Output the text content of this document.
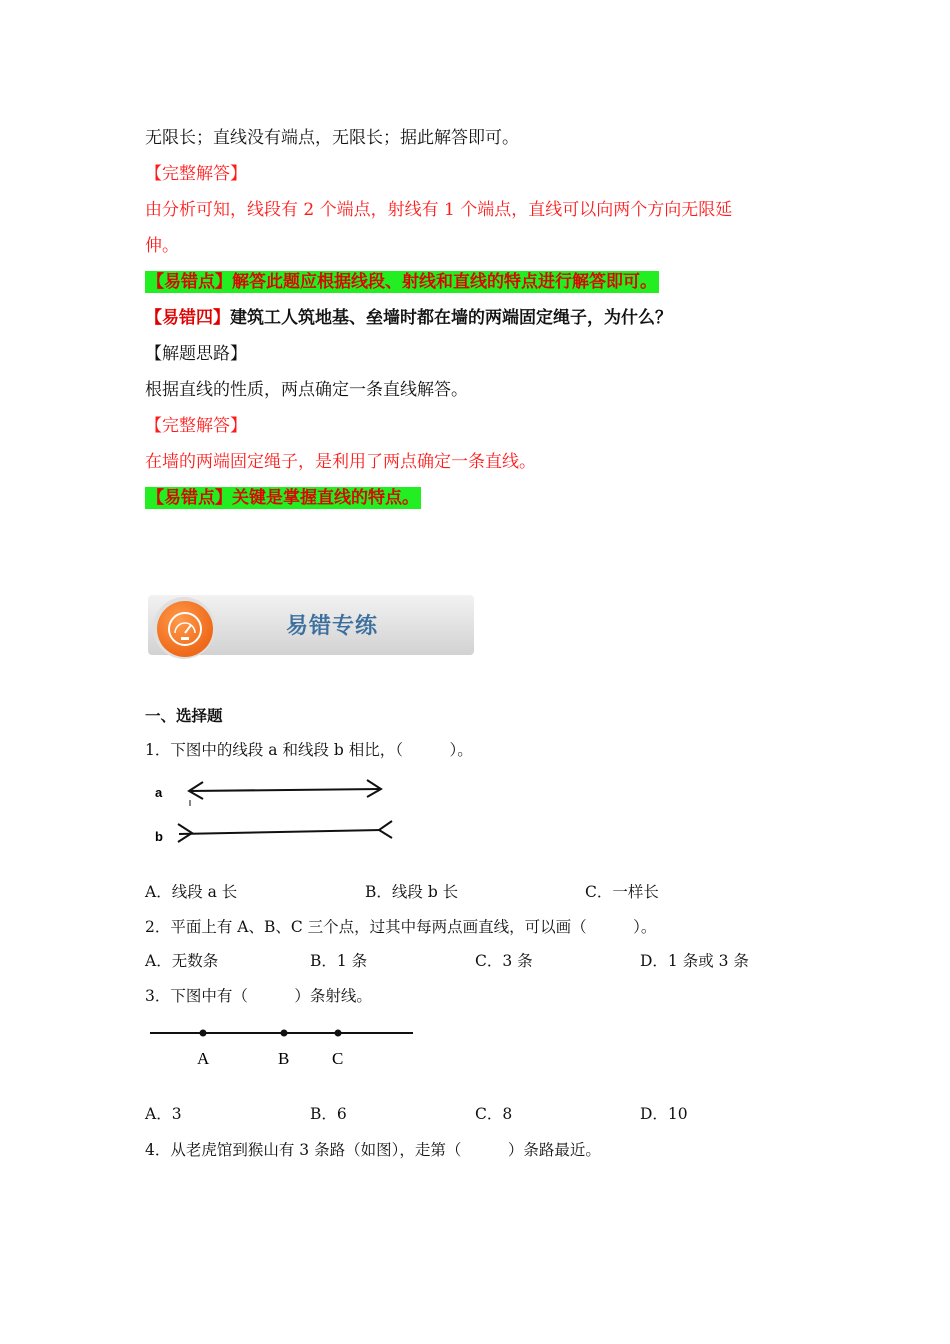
无限长；直线没有端点，无限长；据此解答即可。
【完整解答】
由分析可知，线段有 2 个端点，射线有 1 个端点，直线可以向两个方向无限延
伸。
【易错点】解答此题应根据线段、射线和直线的特点进行解答即可。
【易错四】建筑工人筑地基、垒墙时都在墙的两端固定绳子，为什么？
【解题思路】
根据直线的性质，两点确定一条直线解答。
【完整解答】
在墙的两端固定绳子，是利用了两点确定一条直线。
【易错点】关键是掌握直线的特点。
易错专练
一、选择题
1．下图中的线段 a 和线段 b 相比，（　　　）。
a
b
A．线段 a 长	B．线段 b 长	C．一样长
2．平面上有 A、B、C 三个点，过其中每两点画直线，可以画（　　　）。
A．无数条	B．1 条	C．3 条	D．1 条或 3 条
3．下图中有（　　　）条射线。
A	B	C
A．3	B．6	C．8	D．10
4．从老虎馆到猴山有 3 条路（如图），走第（　　　）条路最近。
